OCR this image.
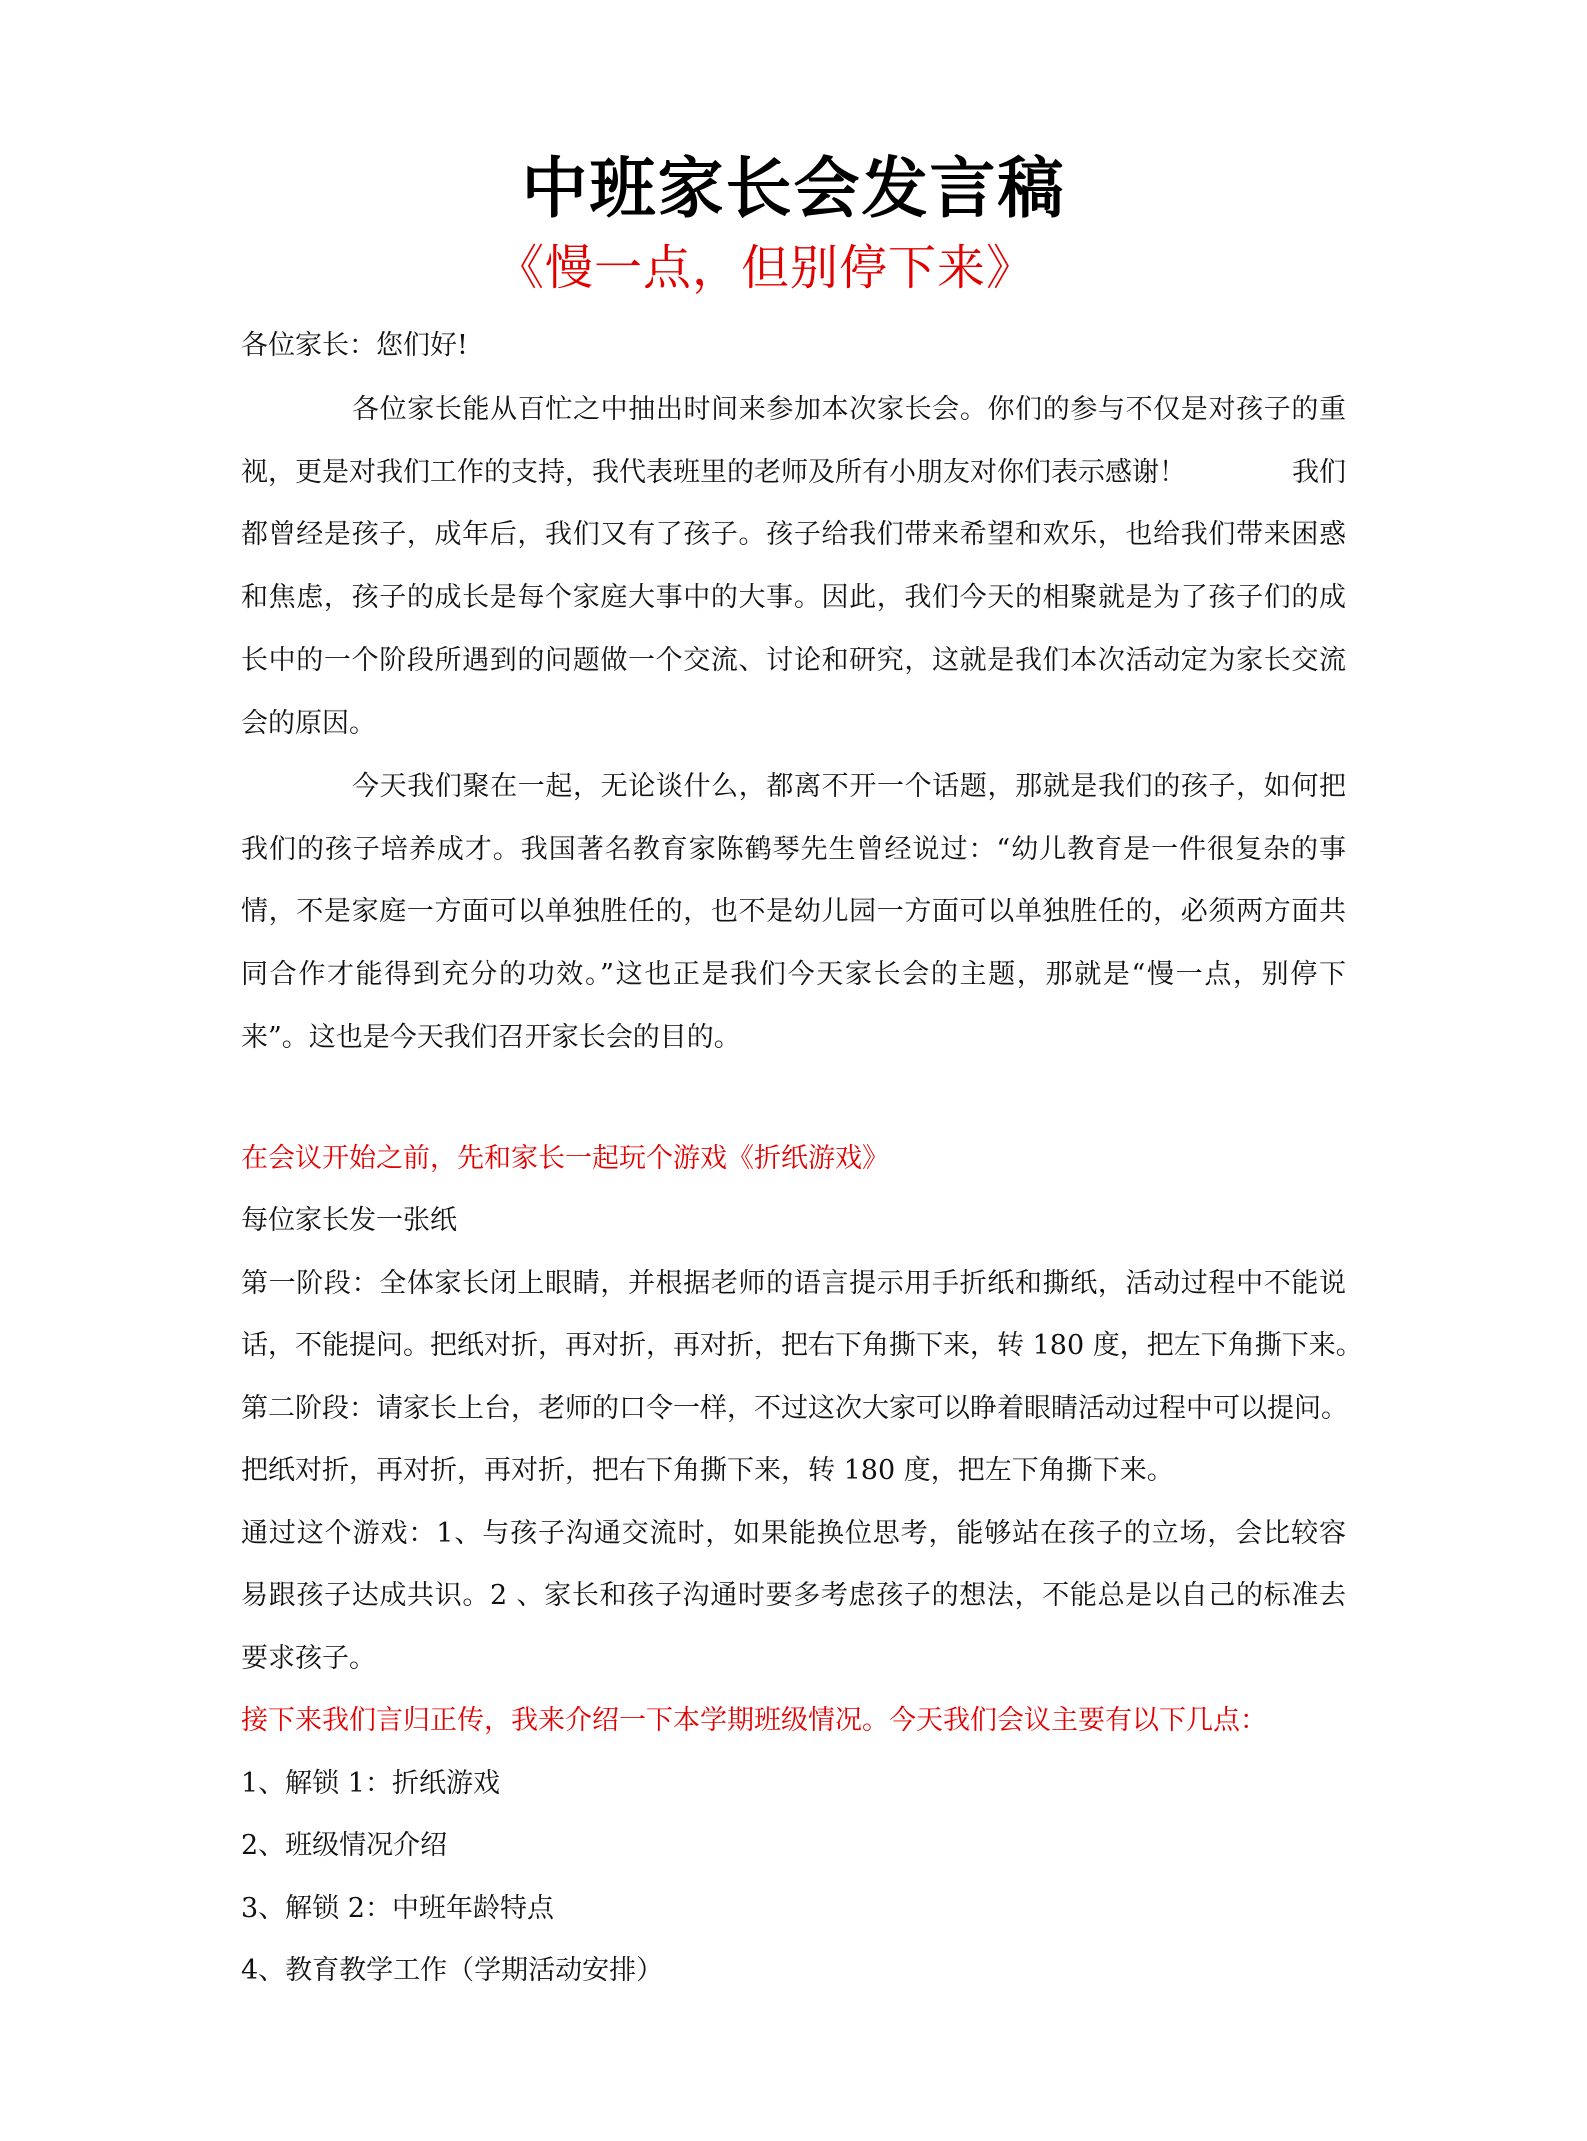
中班家长会发言稿
《慢一点，但别停下来》
各位家长：您们好!
各位家长能从百忙之中抽出时间来参加本次家长会。你们的参与不仅是对孩子的重
视，更是对我们工作的支持，我代表班里的老师及所有小朋友对你们表示感谢！	我们
都曾经是孩子，成年后，我们又有了孩子。孩子给我们带来希望和欢乐，也给我们带来困惑
和焦虑，孩子的成长是每个家庭大事中的大事。因此，我们今天的相聚就是为了孩子们的成
长中的一个阶段所遇到的问题做一个交流、讨论和研究，这就是我们本次活动定为家长交流
会的原因。
今天我们聚在一起，无论谈什么，都离不开一个话题，那就是我们的孩子，如何把
我们的孩子培养成才。我国著名教育家陈鹤琴先生曾经说过：“幼儿教育是一件很复杂的事
情，不是家庭一方面可以单独胜任的，也不是幼儿园一方面可以单独胜任的，必须两方面共
同合作才能得到充分的功效。”这也正是我们今天家长会的主题，那就是“慢一点，别停下
来”。这也是今天我们召开家长会的目的。
在会议开始之前，先和家长一起玩个游戏《折纸游戏》
每位家长发一张纸
第一阶段：全体家长闭上眼睛，并根据老师的语言提示用手折纸和撕纸，活动过程中不能说
话，不能提问。把纸对折，再对折，再对折，把右下角撕下来，转 180 度，把左下角撕下来。
第二阶段：请家长上台，老师的口令一样，不过这次大家可以睁着眼睛活动过程中可以提问。
把纸对折，再对折，再对折，把右下角撕下来，转 180 度，把左下角撕下来。
通过这个游戏：1、与孩子沟通交流时，如果能换位思考，能够站在孩子的立场，会比较容
易跟孩子达成共识。2 、家长和孩子沟通时要多考虑孩子的想法，不能总是以自己的标准去
要求孩子。
接下来我们言归正传，我来介绍一下本学期班级情况。今天我们会议主要有以下几点：
1、解锁 1：折纸游戏
2、班级情况介绍
3、解锁 2：中班年龄特点
4、教育教学工作（学期活动安排）
